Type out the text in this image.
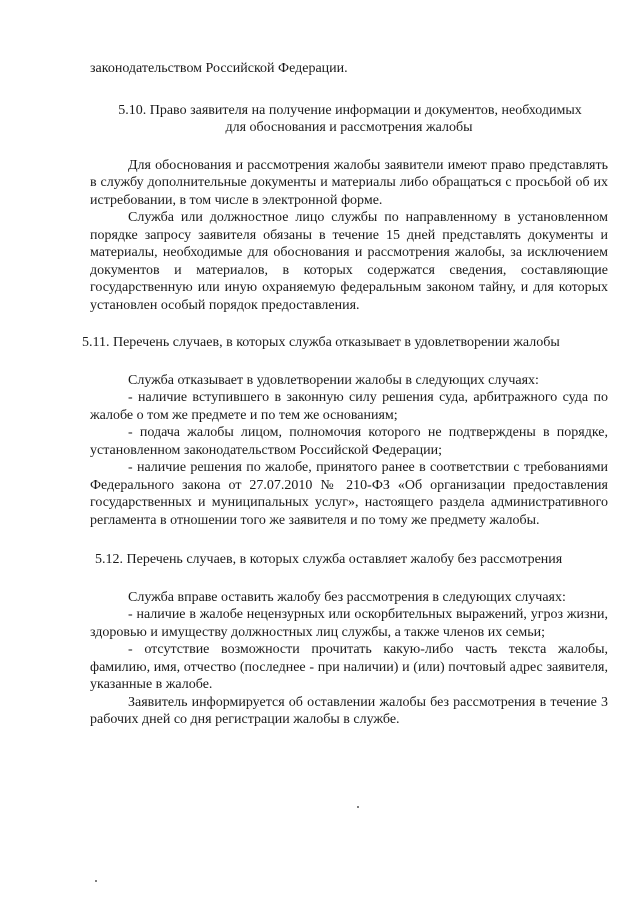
законодательством Российской Федерации.

5.10. Право заявителя на получение информации и документов, необходимых
для обоснования и рассмотрения жалобы

Для обоснования и рассмотрения жалобы заявители имеют право представлять в службу дополнительные документы и материалы либо обращаться с просьбой об их истребовании, в том числе в электронной форме.

Служба или должностное лицо службы по направленному в установленном порядке запросу заявителя обязаны в течение 15 дней представлять документы и материалы, необходимые для обоснования и рассмотрения жалобы, за исключением документов и материалов, в которых содержатся сведения, составляющие государственную или иную охраняемую федеральным законом тайну, и для которых установлен особый порядок предоставления.

5.11. Перечень случаев, в которых служба отказывает в удовлетворении жалобы

Служба отказывает в удовлетворении жалобы в следующих случаях:

- наличие вступившего в законную силу решения суда, арбитражного суда по жалобе о том же предмете и по тем же основаниям;

- подача жалобы лицом, полномочия которого не подтверждены в порядке, установленном законодательством Российской Федерации;

- наличие решения по жалобе, принятого ранее в соответствии с требованиями Федерального закона от 27.07.2010 № 210-ФЗ «Об организации предоставления государственных и муниципальных услуг», настоящего раздела административного регламента в отношении того же заявителя и по тому же предмету жалобы.

5.12. Перечень случаев, в которых служба оставляет жалобу без рассмотрения

Служба вправе оставить жалобу без рассмотрения в следующих случаях:

- наличие в жалобе нецензурных или оскорбительных выражений, угроз жизни, здоровью и имуществу должностных лиц службы, а также членов их семьи;

- отсутствие возможности прочитать какую-либо часть текста жалобы, фамилию, имя, отчество (последнее - при наличии) и (или) почтовый адрес заявителя, указанные в жалобе.

Заявитель информируется об оставлении жалобы без рассмотрения в течение 3 рабочих дней со дня регистрации жалобы в службе.
